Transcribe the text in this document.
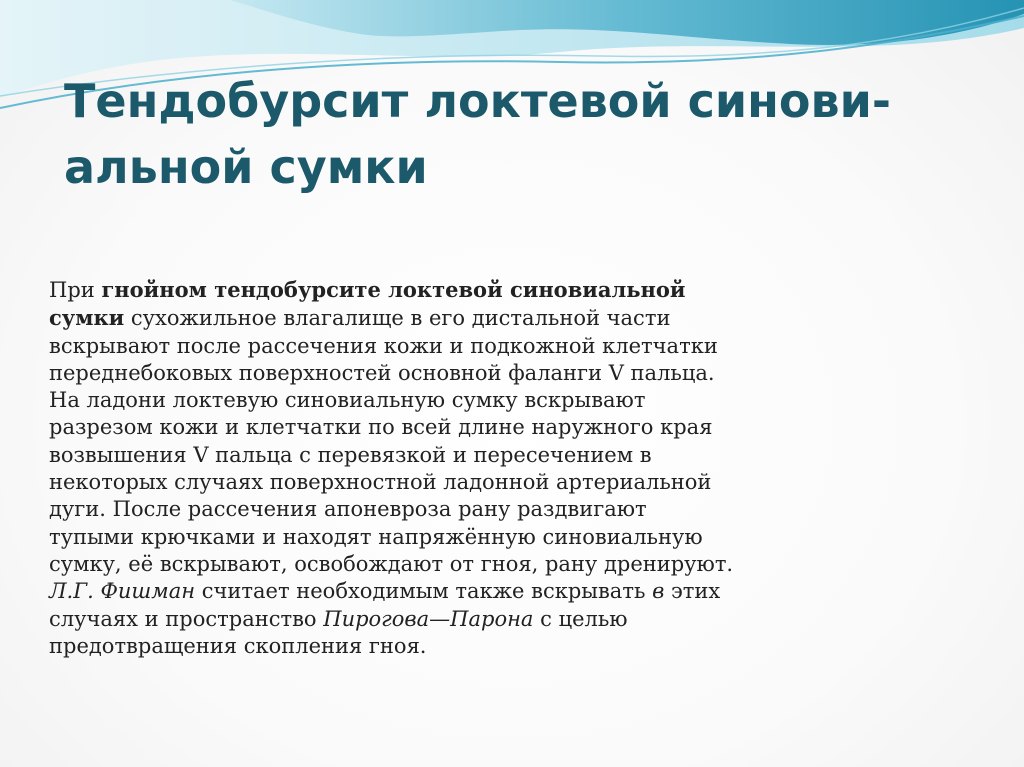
Тендобурсит локтевой синови-
альной сумки
При гнойном тендобурсите локтевой синовиальной
сумки сухожильное влагалище в его дистальной части
вскрывают после рассечения кожи и подкожной клетчатки
переднебоковых поверхностей основной фаланги V пальца.
На ладони локтевую синовиальную сумку вскрывают
разрезом кожи и клетчатки по всей длине наружного края
возвышения V пальца с перевязкой и пересечением в
некоторых случаях поверхностной ладонной артериальной
дуги. После рассечения апоневроза рану раздвигают
тупыми крючками и находят напряжённую синовиальную
сумку, её вскрывают, освобождают от гноя, рану дренируют.
Л.Г. Фишман считает необходимым также вскрывать в этих
случаях и пространство Пирогова—Парона с целью
предотвращения скопления гноя.
